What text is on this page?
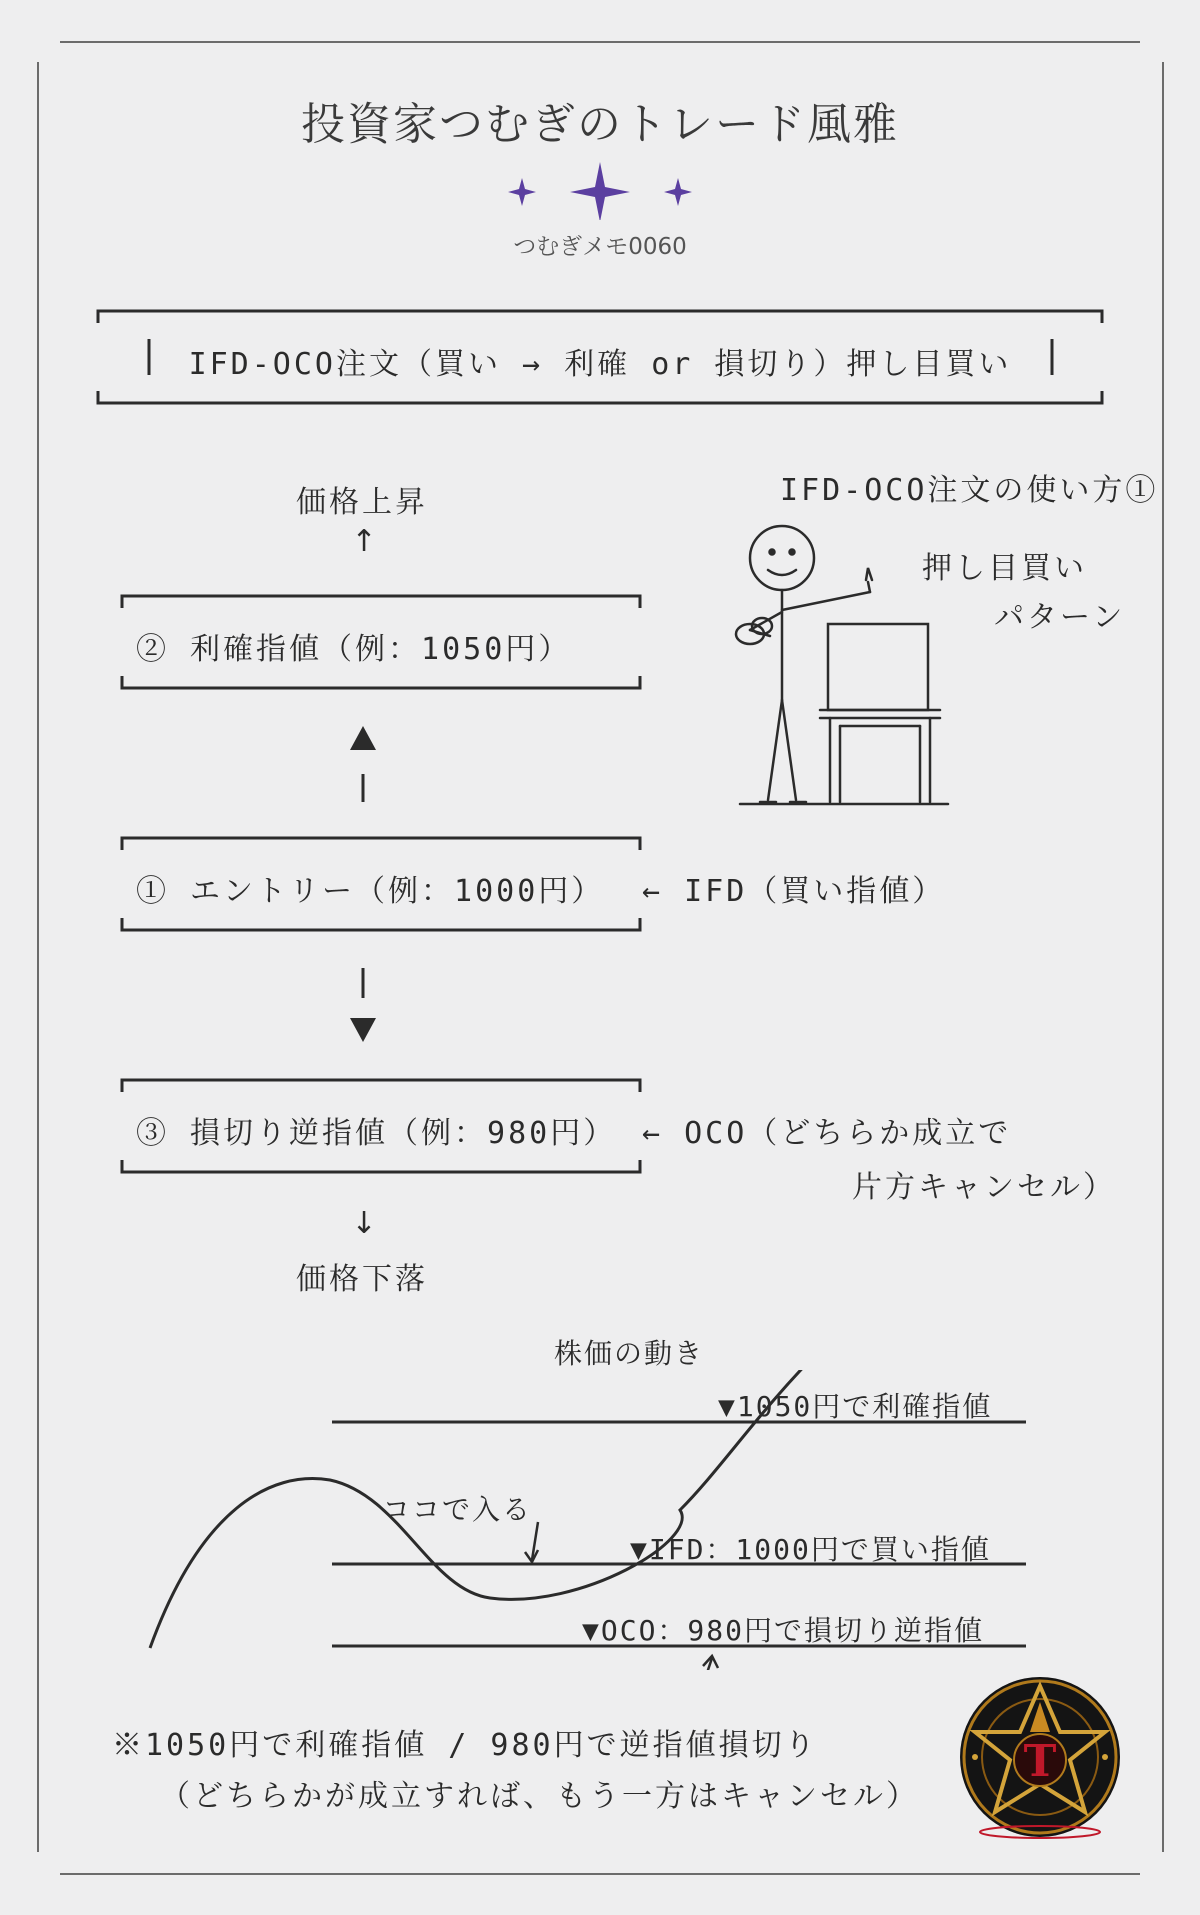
投資家つむぎのトレード風雅
つむぎメモ0060
IFD-OCO注文（買い → 利確 or 損切り）押し目買い
価格上昇
↑
IFD-OCO注文の使い方①
押し目買い
パターン
② 利確指値（例：1050円）
① エントリー（例：1000円） ← IFD（買い指値）
③ 損切り逆指値（例：980円） ← OCO（どちらか成立で
片方キャンセル）
↓
価格下落
株価の動き
▼1050円で利確指値
ココで入る
▼IFD：1000円で買い指値
▼OCO：980円で損切り逆指値
※1050円で利確指値 / 980円で逆指値損切り
（どちらかが成立すれば、もう一方はキャンセル）
T
